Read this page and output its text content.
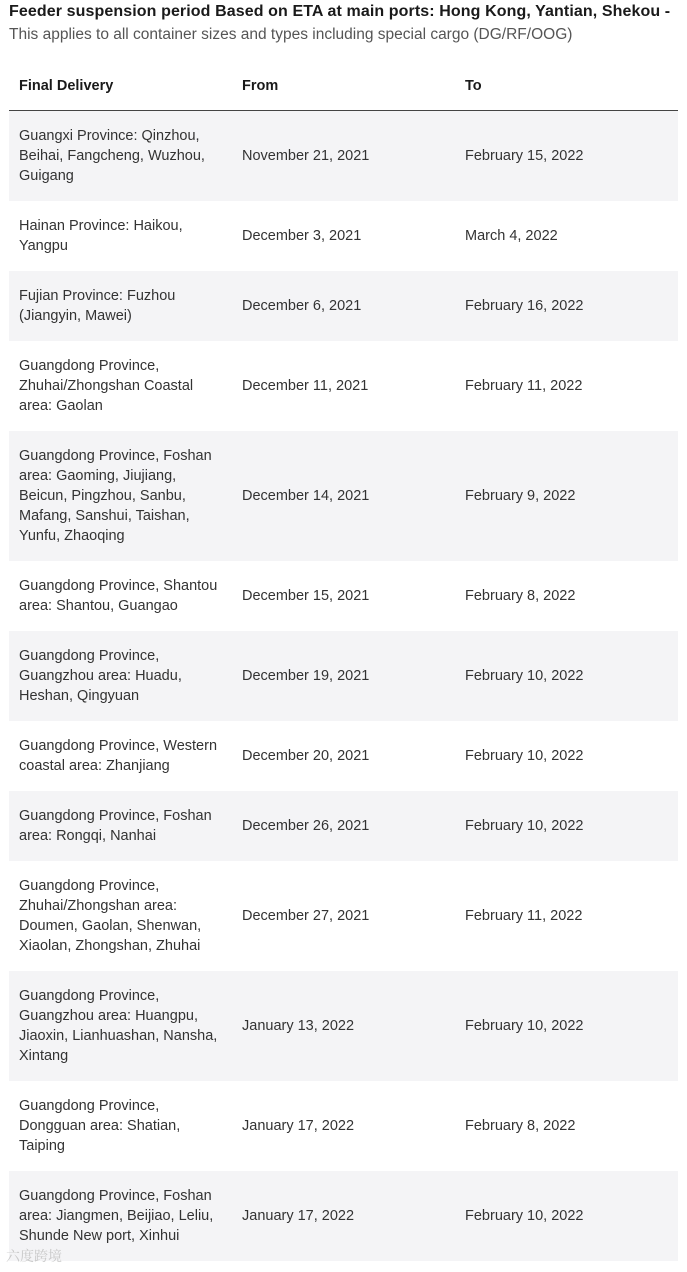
Feeder suspension period Based on ETA at main ports: Hong Kong, Yantian, Shekou -
This applies to all container sizes and types including special cargo (DG/RF/OOG)
Final Delivery	From	To
Guangxi Province: Qinzhou, Beihai, Fangcheng, Wuzhou, Guigang	November 21, 2021	February 15, 2022
Hainan Province: Haikou, Yangpu	December 3, 2021	March 4, 2022
Fujian Province: Fuzhou (Jiangyin, Mawei)	December 6, 2021	February 16, 2022
Guangdong Province, Zhuhai/Zhongshan Coastal area: Gaolan	December 11, 2021	February 11, 2022
Guangdong Province, Foshan area: Gaoming, Jiujiang, Beicun, Pingzhou, Sanbu, Mafang, Sanshui, Taishan, Yunfu, Zhaoqing	December 14, 2021	February 9, 2022
Guangdong Province, Shantou area: Shantou, Guangao	December 15, 2021	February 8, 2022
Guangdong Province, Guangzhou area: Huadu, Heshan, Qingyuan	December 19, 2021	February 10, 2022
Guangdong Province, Western coastal area: Zhanjiang	December 20, 2021	February 10, 2022
Guangdong Province, Foshan area: Rongqi, Nanhai	December 26, 2021	February 10, 2022
Guangdong Province, Zhuhai/Zhongshan area: Doumen, Gaolan, Shenwan, Xiaolan, Zhongshan, Zhuhai	December 27, 2021	February 11, 2022
Guangdong Province, Guangzhou area: Huangpu, Jiaoxin, Lianhuashan, Nansha, Xintang	January 13, 2022	February 10, 2022
Guangdong Province, Dongguan area: Shatian, Taiping	January 17, 2022	February 8, 2022
Guangdong Province, Foshan area: Jiangmen, Beijiao, Leliu, Shunde New port, Xinhui	January 17, 2022	February 10, 2022
六度跨境
